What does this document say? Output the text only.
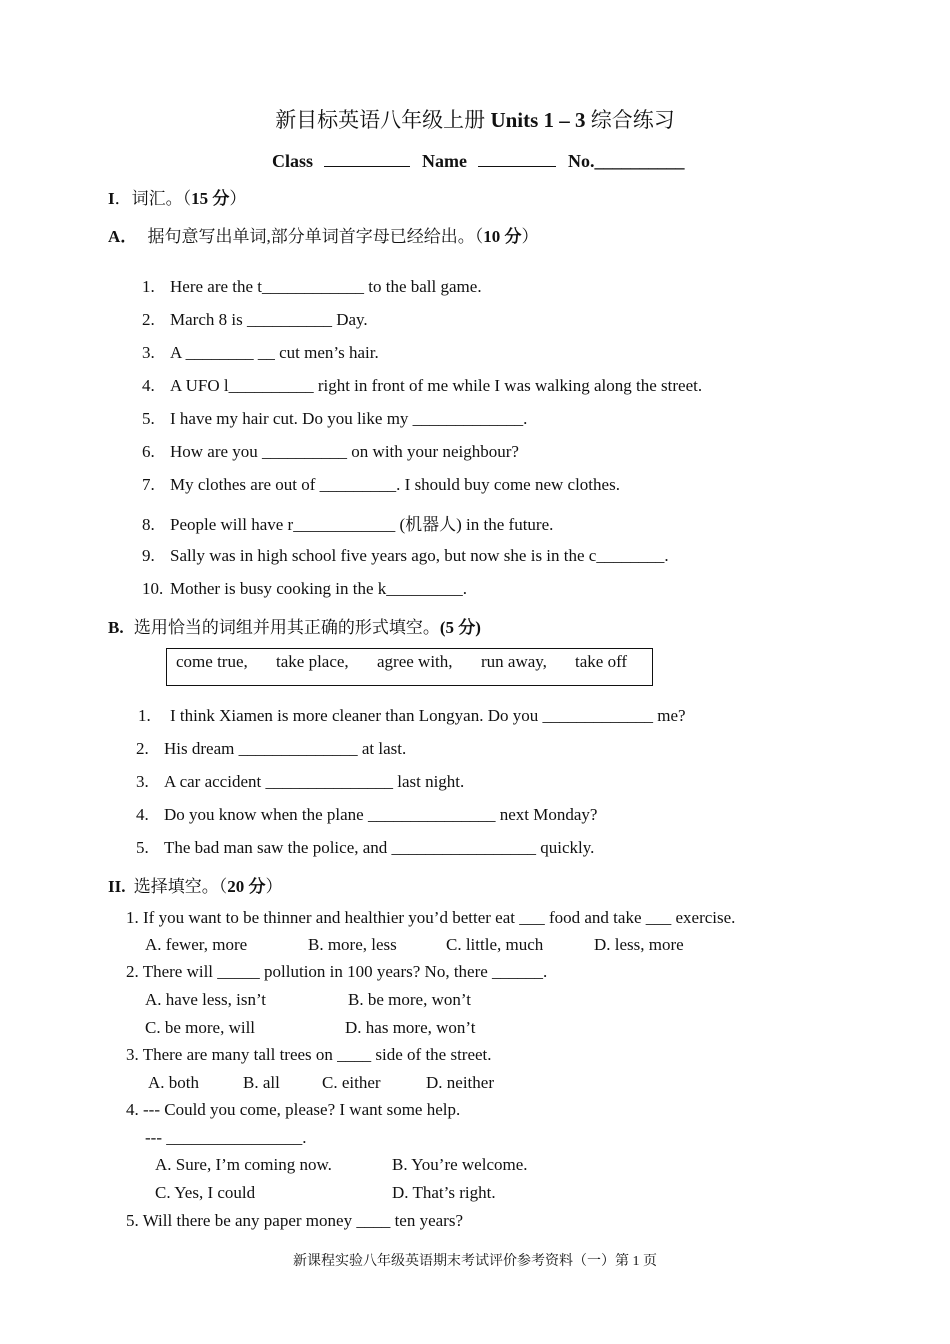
新目标英语八年级上册 Units 1 – 3 综合练习
Class	Name	No.__________
I．词汇。（15 分）
A． 据句意写出单词,部分单词首字母已经给出。（10 分）
1. Here are the t____________ to the ball game.
2. March 8 is __________ Day.
3. A ________ __ cut men’s hair.
4. A UFO l__________ right in front of me while I was walking along the street.
5. I have my hair cut. Do you like my _____________.
6. How are you __________ on with your neighbour?
7. My clothes are out of _________. I should buy come new clothes.
8. People will have r____________ (机器人) in the future.
9. Sally was in high school five years ago, but now she is in the c________.
10. Mother is busy cooking in the k_________.
B. 选用恰当的词组并用其正确的形式填空。(5 分)
come true, take place, agree with, run away, take off
1. I think Xiamen is more cleaner than Longyan. Do you _____________ me?
2. His dream ______________ at last.
3. A car accident _______________ last night.
4. Do you know when the plane _______________ next Monday?
5. The bad man saw the police, and _________________ quickly.
II. 选择填空。（20 分）
1. If you want to be thinner and healthier you’d better eat ___ food and take ___ exercise.
A. fewer, more	B. more, less	C. little, much	D. less, more
2. There will _____ pollution in 100 years? No, there ______.
A. have less, isn’t	B. be more, won’t
C. be more, will	D. has more, won’t
3. There are many tall trees on ____ side of the street.
A. both	B. all C. either	D. neither
4. --- Could you come, please? I want some help.
--- ________________.
A. Sure, I’m coming now.	B. You’re welcome.
C. Yes, I could	D. That’s right.
5. Will there be any paper money ____ ten years?
新课程实验八年级英语期末考试评价参考资料（一）第 1 页
